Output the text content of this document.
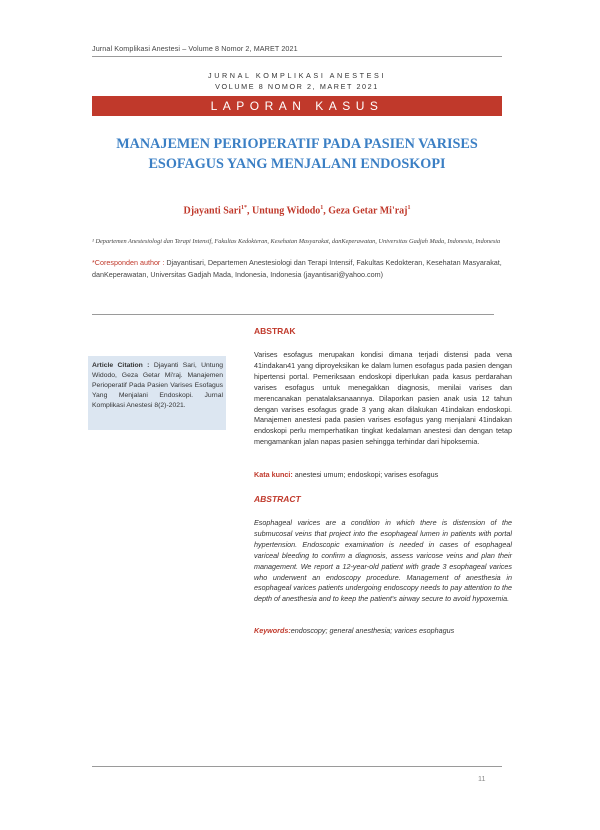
Jurnal Komplikasi Anestesi – Volume 8 Nomor 2, MARET 2021
JURNAL KOMPLIKASI ANESTESI
VOLUME 8 NOMOR 2, MARET 2021
LAPORAN KASUS
MANAJEMEN PERIOPERATIF PADA PASIEN VARISES ESOFAGUS YANG MENJALANI ENDOSKOPI
Djayanti Sari$^{1*}$, Untung Widodo$^1$, Geza Getar Mi'raj$^1$
¹ Departemen Anestesiologi dan Terapi Intensif, Fakultas Kedokteran, Kesehatan Masyarakat, danKeperawatan, Universitas Gadjah Mada, Indonesia, Indonesia
*Coresponden author : Djayantisari, Departemen Anestesiologi dan Terapi Intensif, Fakultas Kedokteran, Kesehatan Masyarakat, danKeperawatan, Universitas Gadjah Mada, Indonesia, Indonesia (jayantisari@yahoo.com)
Article Citation : Djayanti Sari, Untung Widodo, Geza Getar Mi'raj. Manajemen Perioperatif Pada Pasien Varises Esofagus Yang Menjalani Endoskopi. Jurnal Komplikasi Anestesi 8(2)-2021.
ABSTRAK
Varises esofagus merupakan kondisi dimana terjadi distensi pada vena 41indakan41 yang diproyeksikan ke dalam lumen esofagus pada pasien dengan hipertensi portal. Pemeriksaan endoskopi diperlukan pada kasus perdarahan varises esofagus untuk menegakkan diagnosis, menilai varises dan merencanakan penatalaksanaannya. Dilaporkan pasien anak usia 12 tahun dengan varises esofagus grade 3 yang akan dilakukan 41indakan endoskopi. Manajemen anestesi pada pasien varises esofagus yang menjalani 41indakan endoskopi perlu memperhatikan tingkat kedalaman anestesi dan dengan tetap mengamankan jalan napas pasien sehingga terhindar dari hipoksemia.
Kata kunci: anestesi umum; endoskopi; varises esofagus
ABSTRACT
Esophageal varices are a condition in which there is distension of the submucosal veins that project into the esophageal lumen in patients with portal hypertension. Endoscopic examination is needed in cases of esophageal variceal bleeding to confirm a diagnosis, assess varicose veins and plan their management. We report a 12-year-old patient with grade 3 esophageal varices who underwent an endoscopy procedure. Management of anesthesia in esophageal varices patients undergoing endoscopy needs to pay attention to the depth of anesthesia and to keep the patient's airway secure to avoid hypoxemia.
Keywords:endoscopy; general anesthesia; varices esophagus
11
